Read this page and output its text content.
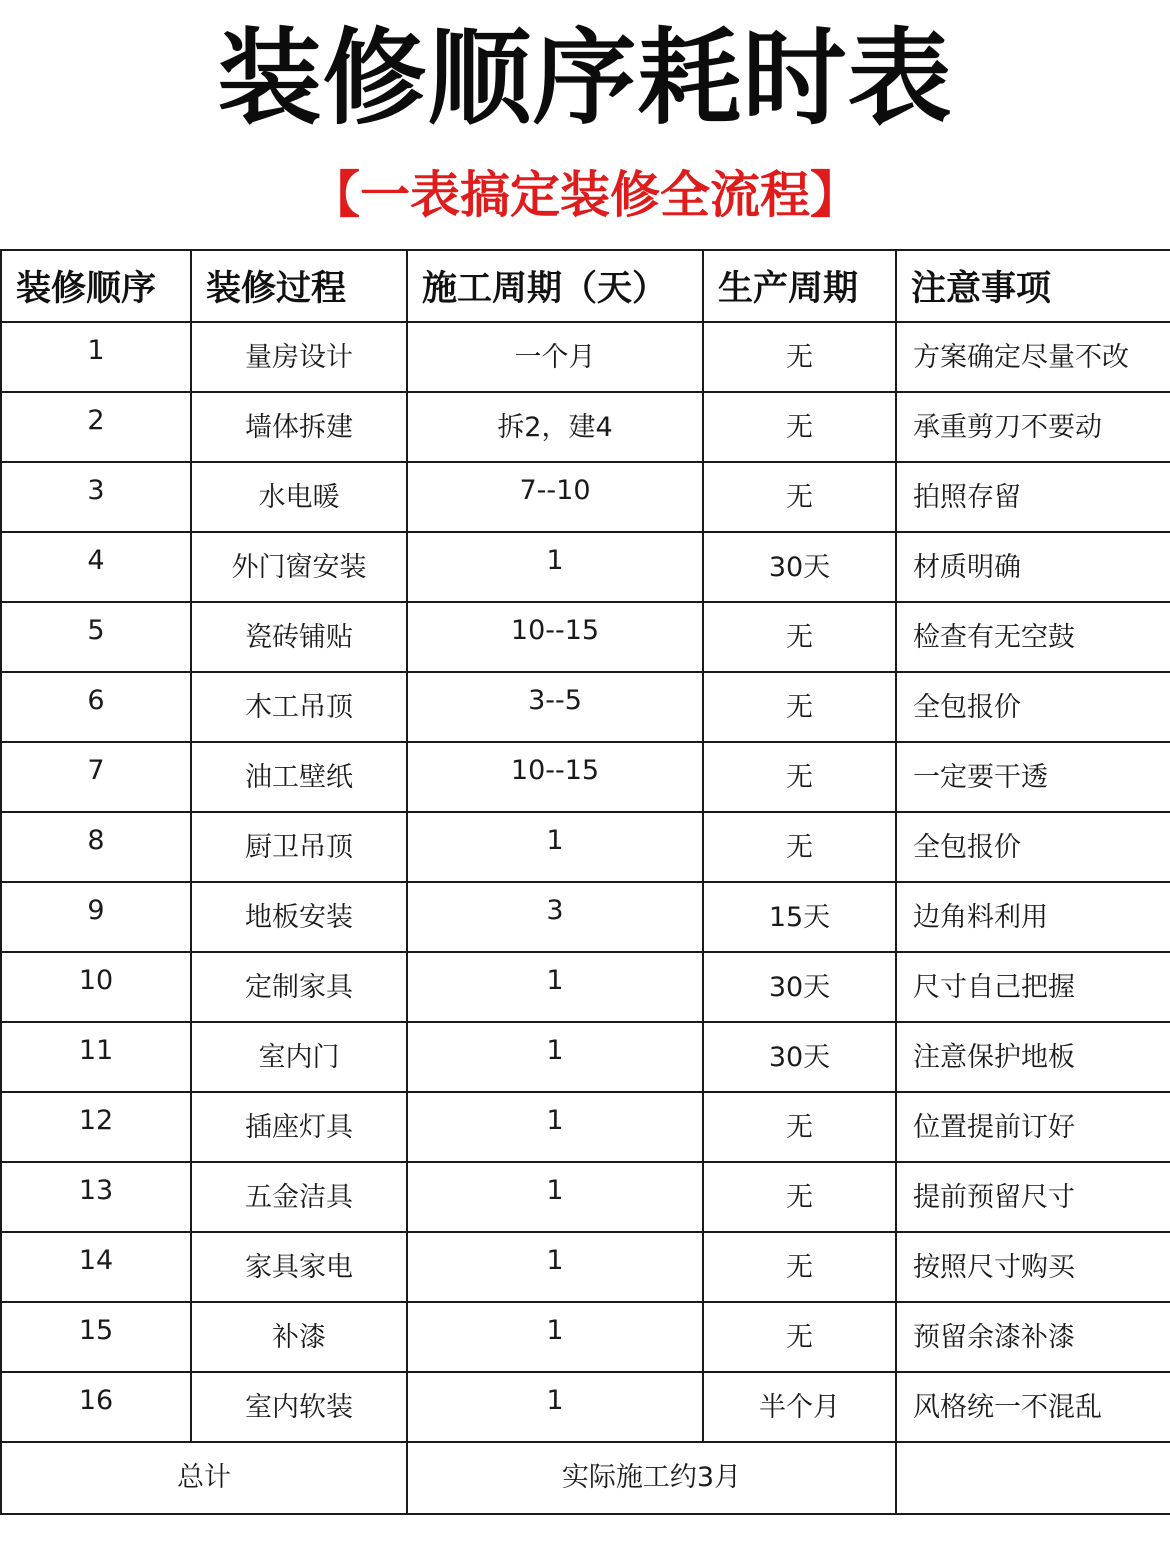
装修顺序耗时表
【一表搞定装修全流程】
装修顺序	装修过程	施工周期（天）	生产周期	注意事项
1	量房设计	一个月	无	方案确定尽量不改
2	墙体拆建	拆2，建4	无	承重剪刀不要动
3	水电暖	7--10	无	拍照存留
4	外门窗安装	1	30天	材质明确
5	瓷砖铺贴	10--15	无	检查有无空鼓
6	木工吊顶	3--5	无	全包报价
7	油工壁纸	10--15	无	一定要干透
8	厨卫吊顶	1	无	全包报价
9	地板安装	3	15天	边角料利用
10	定制家具	1	30天	尺寸自己把握
11	室内门	1	30天	注意保护地板
12	插座灯具	1	无	位置提前订好
13	五金洁具	1	无	提前预留尺寸
14	家具家电	1	无	按照尺寸购买
15	补漆	1	无	预留余漆补漆
16	室内软装	1	半个月	风格统一不混乱
总计		实际施工约3月		
